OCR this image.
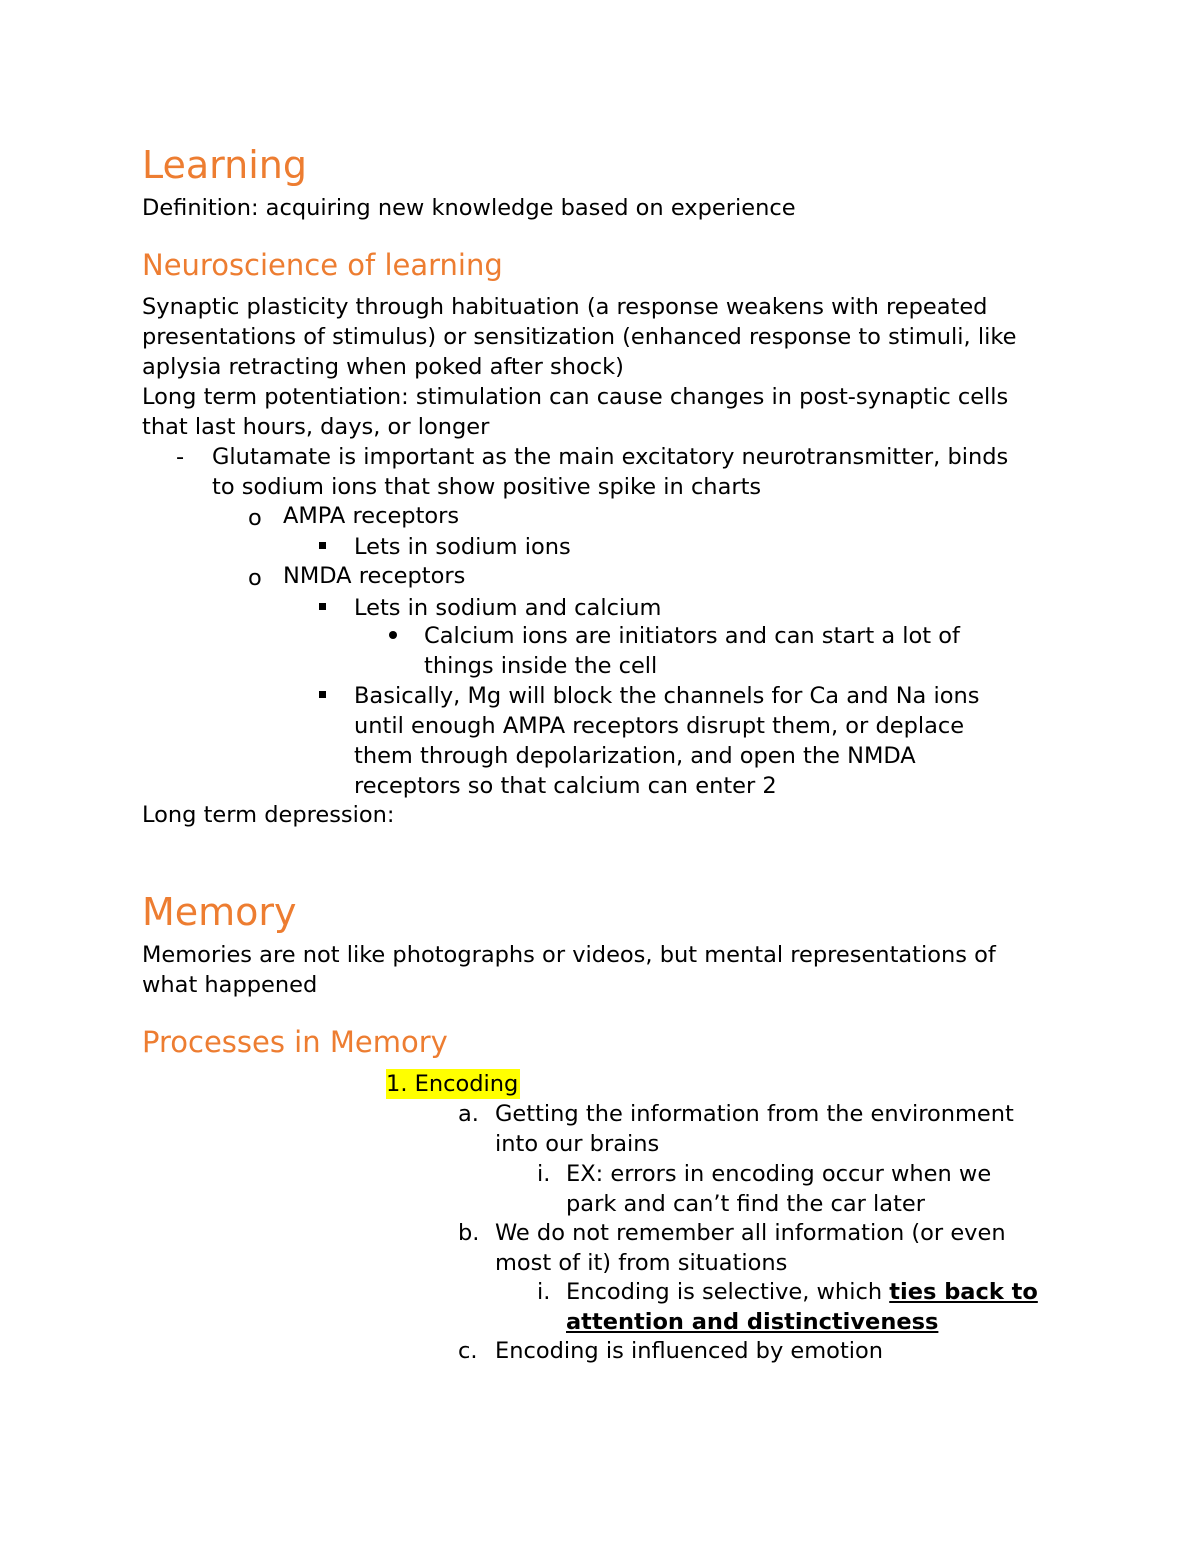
Learning
Definition: acquiring new knowledge based on experience
Neuroscience of learning
Synaptic plasticity through habituation (a response weakens with repeated
presentations of stimulus) or sensitization (enhanced response to stimuli, like
aplysia retracting when poked after shock)
Long term potentiation: stimulation can cause changes in post-synaptic cells
that last hours, days, or longer
- Glutamate is important as the main excitatory neurotransmitter, binds
to sodium ions that show positive spike in charts
o AMPA receptors
Lets in sodium ions
o NMDA receptors
Lets in sodium and calcium
Calcium ions are initiators and can start a lot of
things inside the cell
Basically, Mg will block the channels for Ca and Na ions
until enough AMPA receptors disrupt them, or deplace
them through depolarization, and open the NMDA
receptors so that calcium can enter 2
Long term depression:
Memory
Memories are not like photographs or videos, but mental representations of
what happened
Processes in Memory
1. Encoding
a. Getting the information from the environment
into our brains
i. EX: errors in encoding occur when we
park and can’t find the car later
b. We do not remember all information (or even
most of it) from situations
i. Encoding is selective, which ties back to
attention and distinctiveness
c. Encoding is influenced by emotion
